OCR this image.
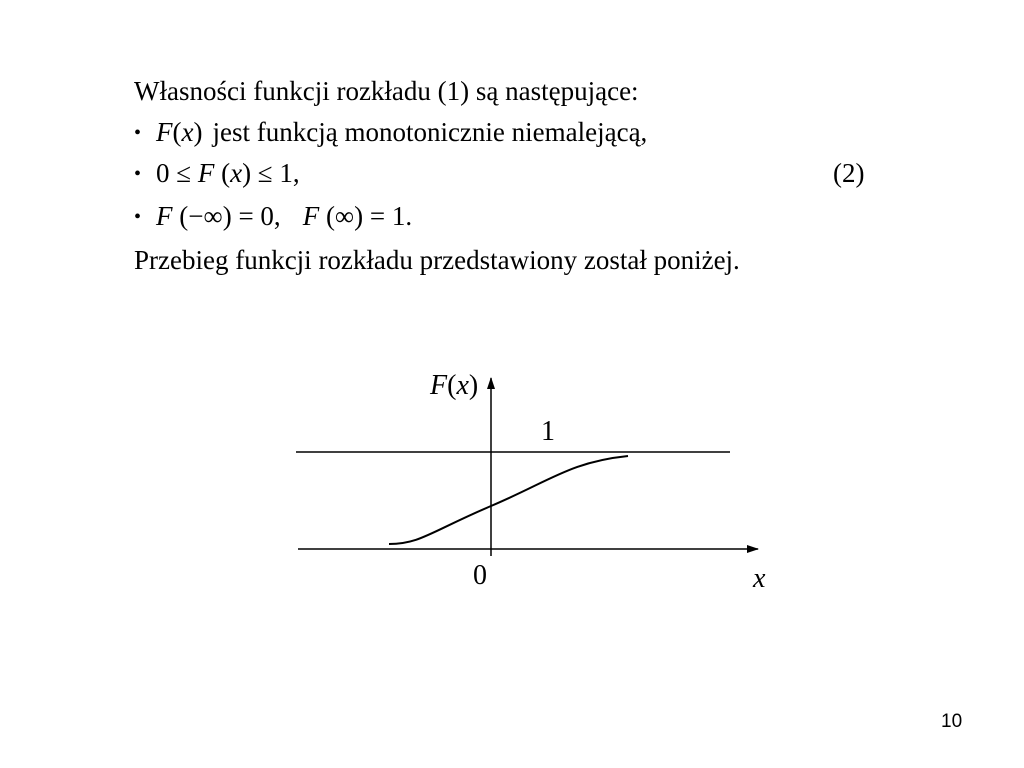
Własności funkcji rozkładu (1) są następujące:
• F(x) jest funkcją monotonicznie niemalejącą,
• 0 ≤ F (x) ≤ 1,	(2)
• F (−∞) = 0, F (∞) = 1.
Przebieg funkcji rozkładu przedstawiony został poniżej.
F(x)
1
0	x
10
